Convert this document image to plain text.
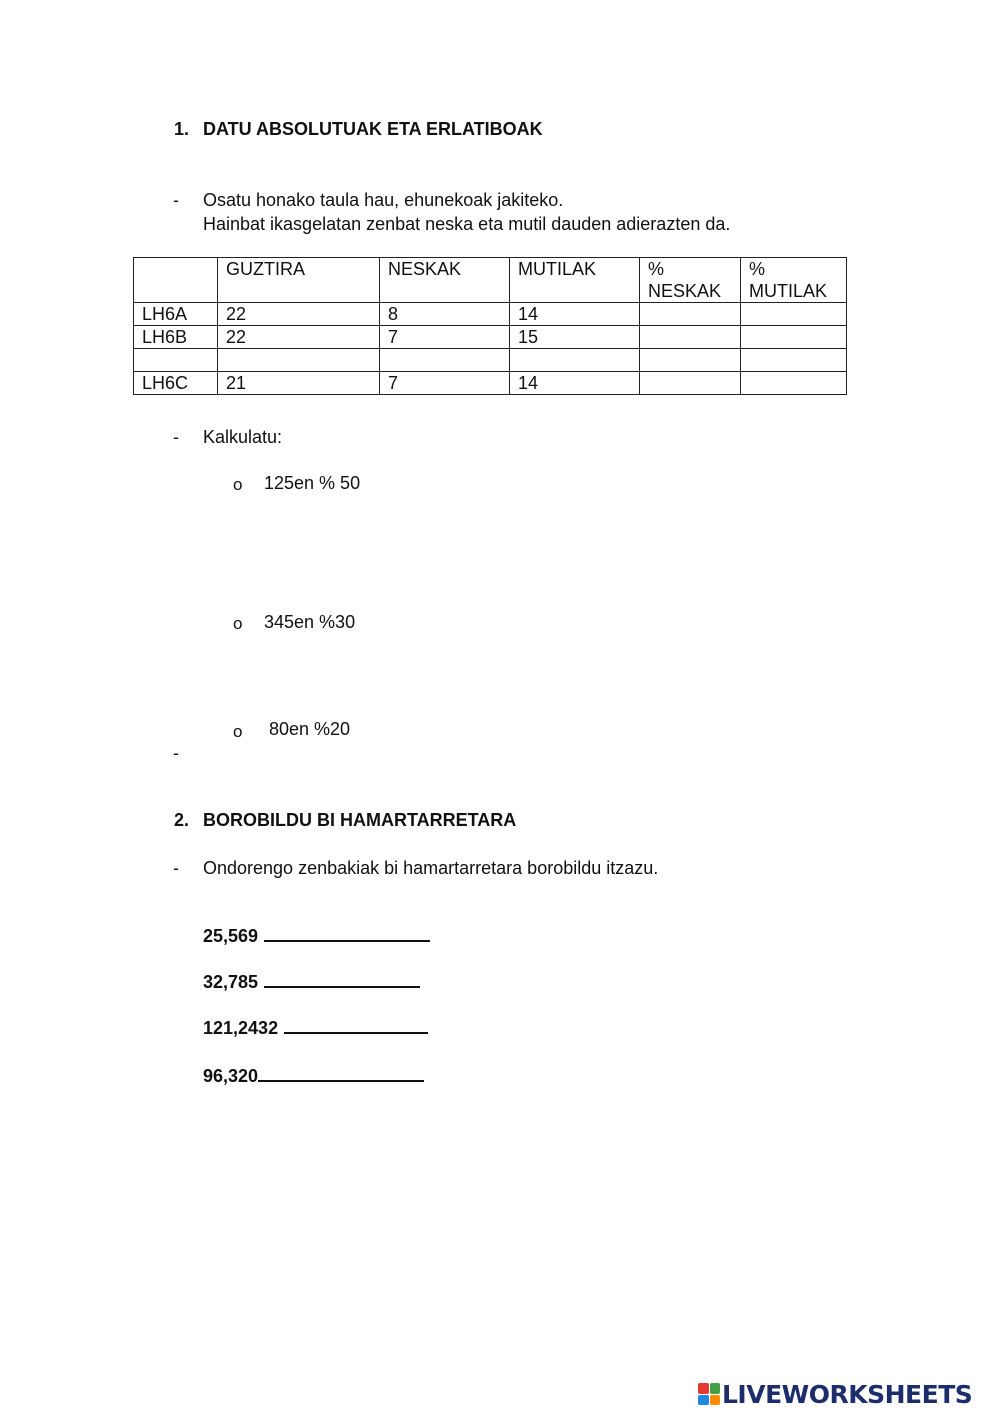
1. DATU ABSOLUTUAK ETA ERLATIBOAK
- Osatu honako taula hau, ehunekoak jakiteko.
Hainbat ikasgelatan zenbat neska eta mutil dauden adierazten da.
	GUZTIRA	NESKAK	MUTILAK	% NESKAK	% MUTILAK
LH6A	22	8	14		
LH6B	22	7	15		

LH6C	21	7	14		
- Kalkulatu:
o 125en % 50
o 345en %30
o 80en %20
-
2. BOROBILDU BI HAMARTARRETARA
- Ondorengo zenbakiak bi hamartarretara borobildu itzazu.
25,569
32,785
121,2432
96,320
LIVEWORKSHEETS
